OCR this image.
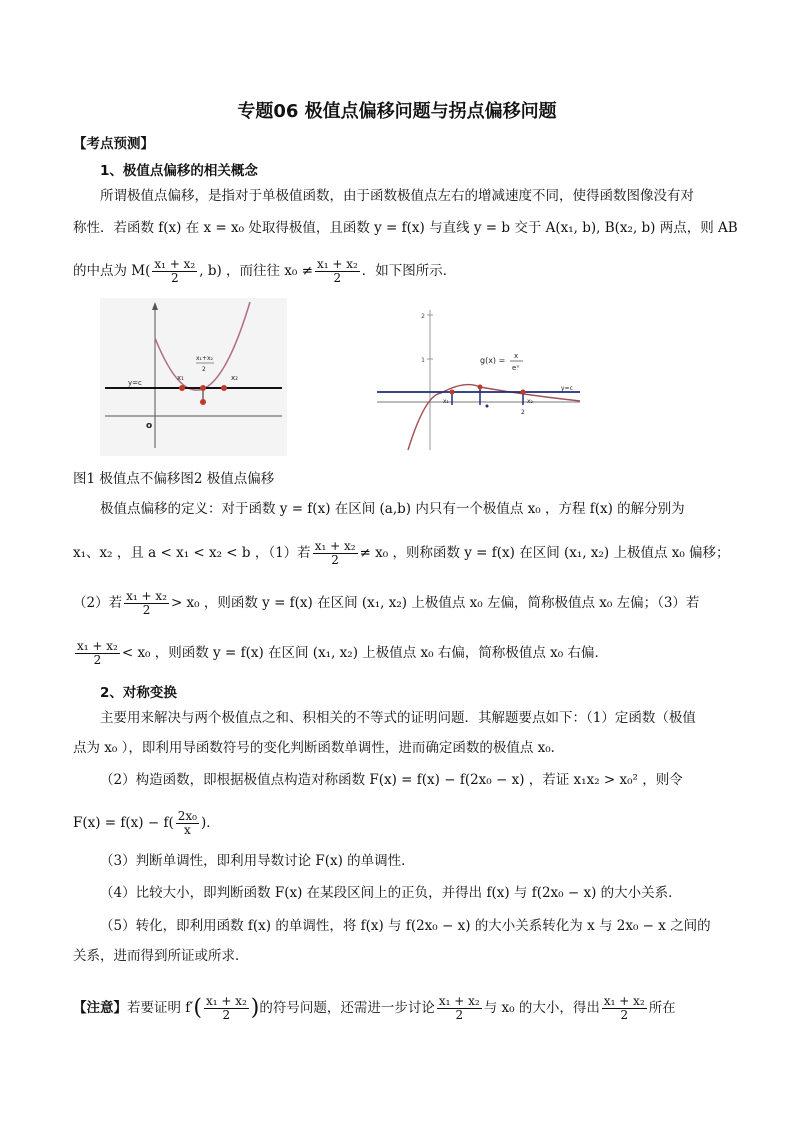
专题06 极值点偏移问题与拐点偏移问题
【考点预测】
1、极值点偏移的相关概念
所谓极值点偏移，是指对于单极值函数，由于函数极值点左右的增减速度不同，使得函数图像没有对
称性．若函数 f(x) 在 x = x₀ 处取得极值，且函数 y = f(x) 与直线 y = b 交于 A(x₁, b), B(x₂, b) 两点，则 AB
的中点为 $M( \frac{\text{x₁ + x₂}}{2}$ , b) ，而往往 $x_0 \ne \frac{\text{x₁ + x₂}}{2}$ ．如下图所示．
y=c
x₁	x₂
x₁+x₂
2
o
2
1	g(x) = x
eˣ
y=c
x₁	x₂
2
图1 极值点不偏移图2 极值点偏移
极值点偏移的定义：对于函数 y = f(x) 在区间 (a,b) 内只有一个极值点 x₀ ，方程 f(x) 的解分别为
x₁、x₂ ，且 a < x₁ < x₂ < b ，（1）若 $\frac{\text{x₁ + x₂}}{2} \ne x_0$ ，则称函数 y = f(x) 在区间 (x₁, x₂) 上极值点 x₀ 偏移；
（2）若 $\frac{\text{x₁ + x₂}}{2} > x_0$ ，则函数 y = f(x) 在区间 (x₁, x₂) 上极值点 x₀ 左偏，简称极值点 x₀ 左偏；（3）若
$\frac{\text{x₁ + x₂}}{2} < x_0$ ，则函数 y = f(x) 在区间 (x₁, x₂) 上极值点 x₀ 右偏，简称极值点 x₀ 右偏．
2、对称变换
主要用来解决与两个极值点之和、积相关的不等式的证明问题．其解题要点如下：（1）定函数（极值
点为 x₀ ），即利用导函数符号的变化判断函数单调性，进而确定函数的极值点 x₀．
（2）构造函数，即根据极值点构造对称函数 F(x) = f(x) − f(2x₀ − x) ，若证 x₁x₂ > x₀² ，则令
$F(x) = f(x) - f( \frac{\text{2x₀}}{x}$ )．
（3）判断单调性，即利用导数讨论 F(x) 的单调性．
（4）比较大小，即判断函数 F(x) 在某段区间上的正负，并得出 f(x) 与 f(2x₀ − x) 的大小关系．
（5）转化，即利用函数 f(x) 的单调性，将 f(x) 与 f(2x₀ − x) 的大小关系转化为 x 与 2x₀ − x 之间的
关系，进而得到所证或所求．
【注意】若要证明 $f'( \frac{\text{x₁ + x₂}}{2}$ )的符号问题，还需进一步讨论 $\frac{\text{x₁ + x₂}}{2}$ 与 x₀ 的大小，得出 $\frac{\text{x₁ + x₂}}{2}$ 所在
